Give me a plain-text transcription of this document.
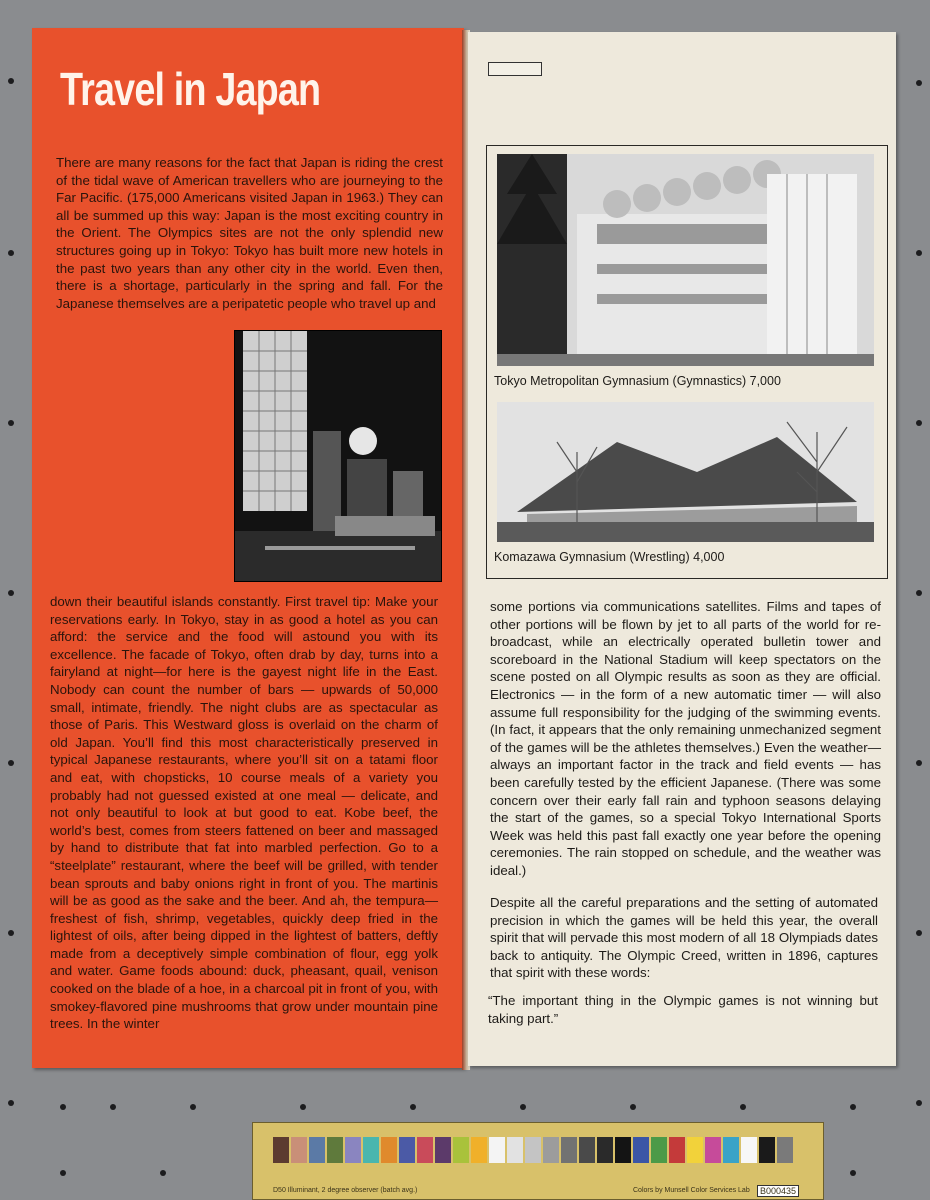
Travel in Japan

There are many reasons for the fact that Japan is riding the crest of the tidal wave of American travellers who are journeying to the Far Pacific. (175,000 Americans visited Japan in 1963.) They can all be summed up this way: Japan is the most exciting country in the Orient. The Olympics sites are not the only splendid new structures going up in Tokyo: Tokyo has built more new hotels in the past two years than any other city in the world. Even then, there is a shortage, particularly in the spring and fall. For the Japanese themselves are a peripatetic people who travel up and

down their beautiful islands constantly. First travel tip: Make your reservations early. In Tokyo, stay in as good a hotel as you can afford: the service and the food will astound you with its excellence. The facade of Tokyo, often drab by day, turns into a fairyland at night—for here is the gayest night life in the East. Nobody can count the number of bars — upwards of 50,000 small, intimate, friendly. The night clubs are as spectacular as those of Paris. This Westward gloss is overlaid on the charm of old Japan. You’ll find this most characteristically preserved in typical Japanese restaurants, where you’ll sit on a tatami floor and eat, with chopsticks, 10 course meals of a variety you probably had not guessed existed at one meal — delicate, and not only beautiful to look at but good to eat. Kobe beef, the world’s best, comes from steers fattened on beer and massaged by hand to distribute that fat into marbled perfection. Go to a “steelplate” restaurant, where the beef will be grilled, with tender bean sprouts and baby onions right in front of you. The martinis will be as good as the sake and the beer. And ah, the tempura—freshest of fish, shrimp, vegetables, quickly deep fried in the lightest of oils, after being dipped in the lightest of batters, deftly made from a deceptively simple combination of flour, egg yolk and water. Game foods abound: duck, pheasant, quail, venison cooked on the blade of a hoe, in a charcoal pit in front of you, with smokey-flavored pine mushrooms that grow under mountain pine trees. In the winter

Tokyo Metropolitan Gymnasium (Gymnastics) 7,000

Komazawa Gymnasium (Wrestling) 4,000

some portions via communications satellites. Films and tapes of other portions will be flown by jet to all parts of the world for re-broadcast, while an electrically operated bulletin tower and scoreboard in the National Stadium will keep spectators on the scene posted on all Olympic results as soon as they are official. Electronics — in the form of a new automatic timer — will also assume full responsibility for the judging of the swimming events. (In fact, it appears that the only remaining unmechanized segment of the games will be the athletes themselves.) Even the weather—always an important factor in the track and field events — has been carefully tested by the efficient Japanese. (There was some concern over their early fall rain and typhoon seasons delaying the start of the games, so a special Tokyo International Sports Week was held this past fall exactly one year before the opening ceremonies. The rain stopped on schedule, and the weather was ideal.)

Despite all the careful preparations and the setting of automated precision in which the games will be held this year, the overall spirit that will pervade this most modern of all 18 Olympiads dates back to antiquity. The Olympic Creed, written in 1896, captures that spirit with these words:

“The important thing in the Olympic games is not winning but taking part.”

D50 Illuminant, 2 degree observer (batch avg.)	Colors by Munsell Color Services Lab	B000435
